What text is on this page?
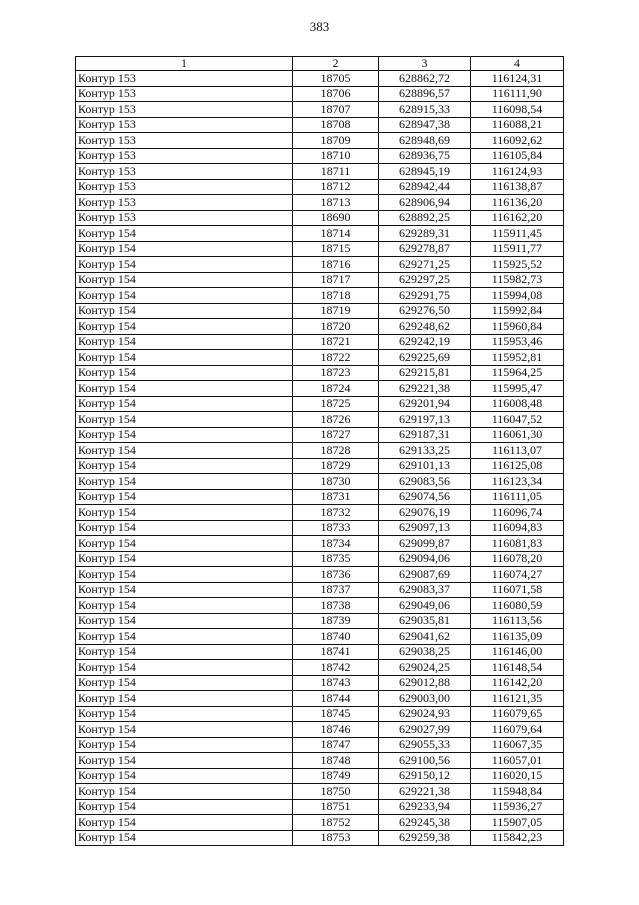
383
1	2	3	4
Контур 153	18705	628862,72	116124,31
Контур 153	18706	628896,57	116111,90
Контур 153	18707	628915,33	116098,54
Контур 153	18708	628947,38	116088,21
Контур 153	18709	628948,69	116092,62
Контур 153	18710	628936,75	116105,84
Контур 153	18711	628945,19	116124,93
Контур 153	18712	628942,44	116138,87
Контур 153	18713	628906,94	116136,20
Контур 153	18690	628892,25	116162,20
Контур 154	18714	629289,31	115911,45
Контур 154	18715	629278,87	115911,77
Контур 154	18716	629271,25	115925,52
Контур 154	18717	629297,25	115982,73
Контур 154	18718	629291,75	115994,08
Контур 154	18719	629276,50	115992,84
Контур 154	18720	629248,62	115960,84
Контур 154	18721	629242,19	115953,46
Контур 154	18722	629225,69	115952,81
Контур 154	18723	629215,81	115964,25
Контур 154	18724	629221,38	115995,47
Контур 154	18725	629201,94	116008,48
Контур 154	18726	629197,13	116047,52
Контур 154	18727	629187,31	116061,30
Контур 154	18728	629133,25	116113,07
Контур 154	18729	629101,13	116125,08
Контур 154	18730	629083,56	116123,34
Контур 154	18731	629074,56	116111,05
Контур 154	18732	629076,19	116096,74
Контур 154	18733	629097,13	116094,83
Контур 154	18734	629099,87	116081,83
Контур 154	18735	629094,06	116078,20
Контур 154	18736	629087,69	116074,27
Контур 154	18737	629083,37	116071,58
Контур 154	18738	629049,06	116080,59
Контур 154	18739	629035,81	116113,56
Контур 154	18740	629041,62	116135,09
Контур 154	18741	629038,25	116146,00
Контур 154	18742	629024,25	116148,54
Контур 154	18743	629012,88	116142,20
Контур 154	18744	629003,00	116121,35
Контур 154	18745	629024,93	116079,65
Контур 154	18746	629027,99	116079,64
Контур 154	18747	629055,33	116067,35
Контур 154	18748	629100,56	116057,01
Контур 154	18749	629150,12	116020,15
Контур 154	18750	629221,38	115948,84
Контур 154	18751	629233,94	115936,27
Контур 154	18752	629245,38	115907,05
Контур 154	18753	629259,38	115842,23
